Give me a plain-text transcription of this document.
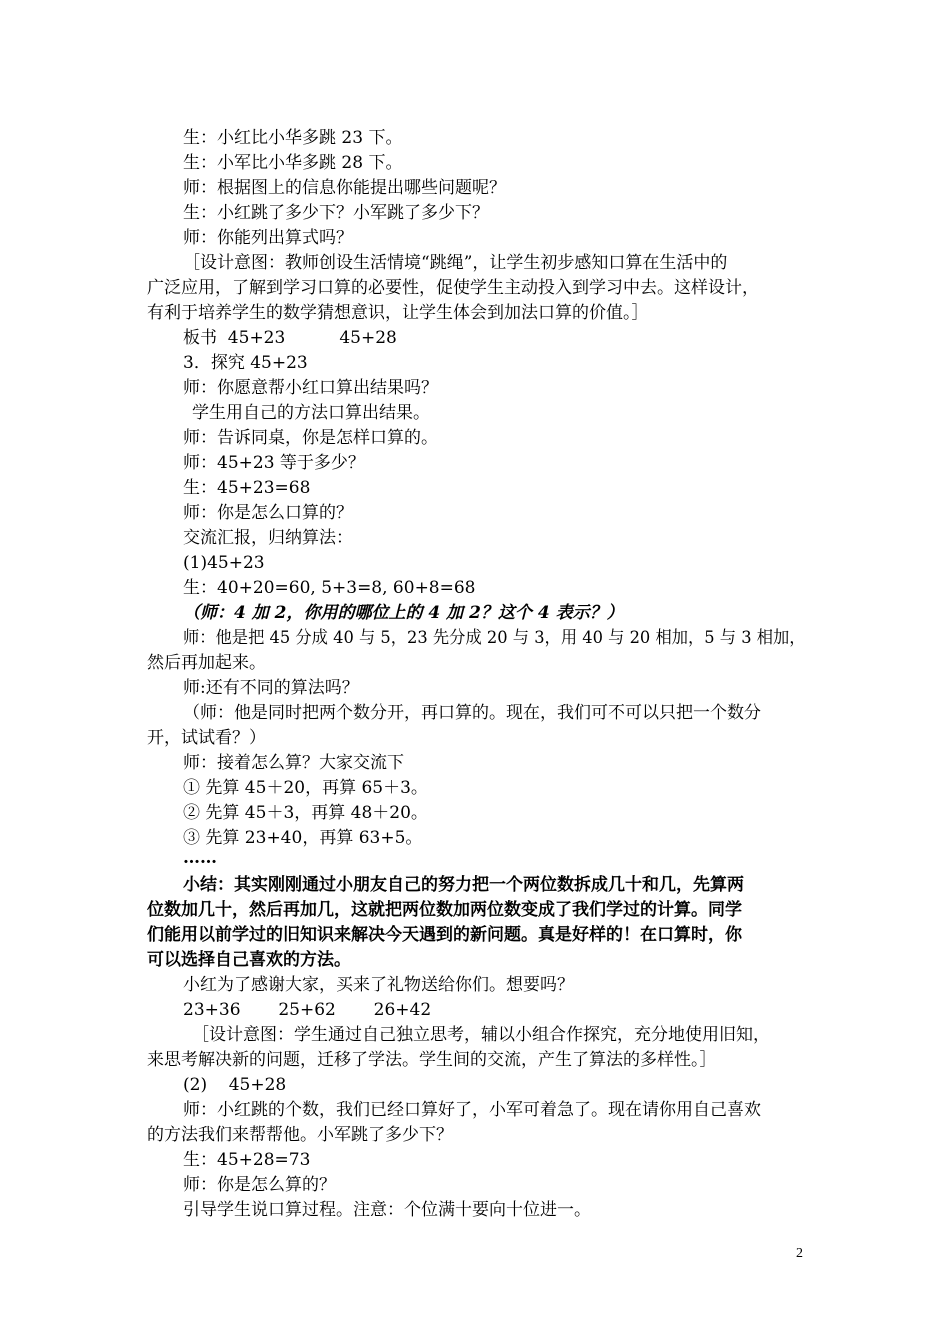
生：小红比小华多跳 23 下。
生：小军比小华多跳 28 下。
师：根据图上的信息你能提出哪些问题呢？
生：小红跳了多少下？小军跳了多少下？
师：你能列出算式吗？
［设计意图：教师创设生活情境“跳绳”，让学生初步感知口算在生活中的
广泛应用，了解到学习口算的必要性，促使学生主动投入到学习中去。这样设计，
有利于培养学生的数学猜想意识，让学生体会到加法口算的价值。］
板书  45+23          45+28
3．探究 45+23
师：你愿意帮小红口算出结果吗？
学生用自己的方法口算出结果。
师：告诉同桌，你是怎样口算的。
师：45+23 等于多少？
生：45+23=68
师：你是怎么口算的？
交流汇报，归纳算法：
(1)45+23
生：40+20=60, 5+3=8, 60+8=68
（师：4 加 2，你用的哪位上的 4 加 2？这个 4 表示？）
师：他是把 45 分成 40 与 5，23 先分成 20 与 3，用 40 与 20 相加，5 与 3 相加，
然后再加起来。
师:还有不同的算法吗？
（师：他是同时把两个数分开，再口算的。现在，我们可不可以只把一个数分
开，试试看？）
师：接着怎么算？大家交流下
① 先算 45＋20，再算 65＋3。
② 先算 45＋3，再算 48＋20。
③ 先算 23+40，再算 63+5。
……
小结：其实刚刚通过小朋友自己的努力把一个两位数拆成几十和几，先算两
位数加几十，然后再加几，这就把两位数加两位数变成了我们学过的计算。同学
们能用以前学过的旧知识来解决今天遇到的新问题。真是好样的！在口算时，你
可以选择自己喜欢的方法。
小红为了感谢大家，买来了礼物送给你们。想要吗？
23+36       25+62       26+42
［设计意图：学生通过自己独立思考，辅以小组合作探究，充分地使用旧知，
来思考解决新的问题，迁移了学法。学生间的交流，产生了算法的多样性。］
(2)    45+28
师：小红跳的个数，我们已经口算好了，小军可着急了。现在请你用自己喜欢
的方法我们来帮帮他。小军跳了多少下？
生：45+28=73
师：你是怎么算的？
引导学生说口算过程。注意：个位满十要向十位进一。
2
